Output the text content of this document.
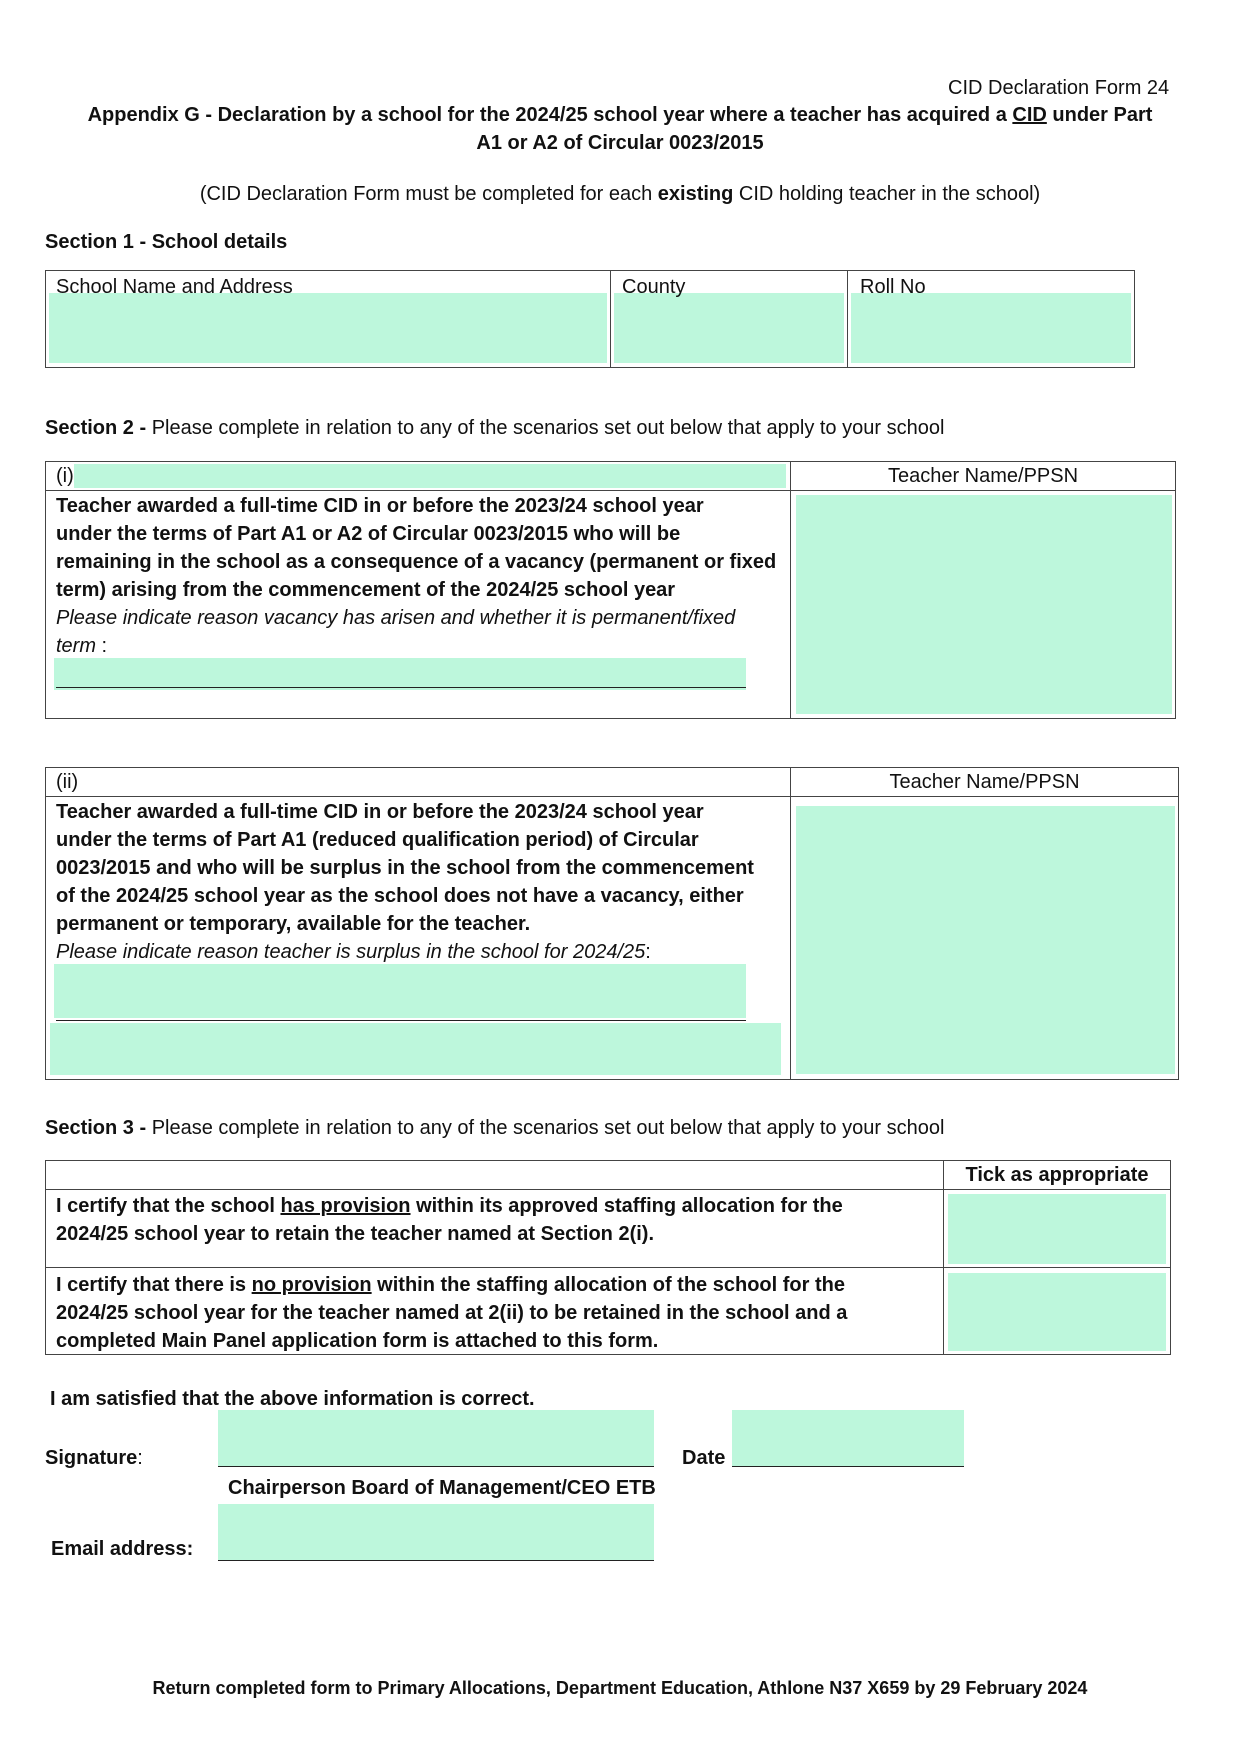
CID Declaration Form 24
Appendix G - Declaration by a school for the 2024/25 school year where a teacher has acquired a CID under Part
A1 or A2 of Circular 0023/2015
(CID Declaration Form must be completed for each existing CID holding teacher in the school)
Section 1 - School details
School Name and Address	County	Roll No
Section 2 - Please complete in relation to any of the scenarios set out below that apply to your school
(i)	Teacher Name/PPSN
Teacher awarded a full-time CID in or before the 2023/24 school year
under the terms of Part A1 or A2 of Circular 0023/2015 who will be
remaining in the school as a consequence of a vacancy (permanent or fixed
term) arising from the commencement of the 2024/25 school year
Please indicate reason vacancy has arisen and whether it is permanent/fixed
term :
(ii)	Teacher Name/PPSN
Teacher awarded a full-time CID in or before the 2023/24 school year
under the terms of Part A1 (reduced qualification period) of Circular
0023/2015 and who will be surplus in the school from the commencement
of the 2024/25 school year as the school does not have a vacancy, either
permanent or temporary, available for the teacher.
Please indicate reason teacher is surplus in the school for 2024/25:
Section 3 - Please complete in relation to any of the scenarios set out below that apply to your school
Tick as appropriate
I certify that the school has provision within its approved staffing allocation for the
2024/25 school year to retain the teacher named at Section 2(i).
I certify that there is no provision within the staffing allocation of the school for the
2024/25 school year for the teacher named at 2(ii) to be retained in the school and a
completed Main Panel application form is attached to this form.
I am satisfied that the above information is correct.
Signature:
Chairperson Board of Management/CEO ETB
Date
Email address:
Return completed form to Primary Allocations, Department Education, Athlone N37 X659 by 29 February 2024
